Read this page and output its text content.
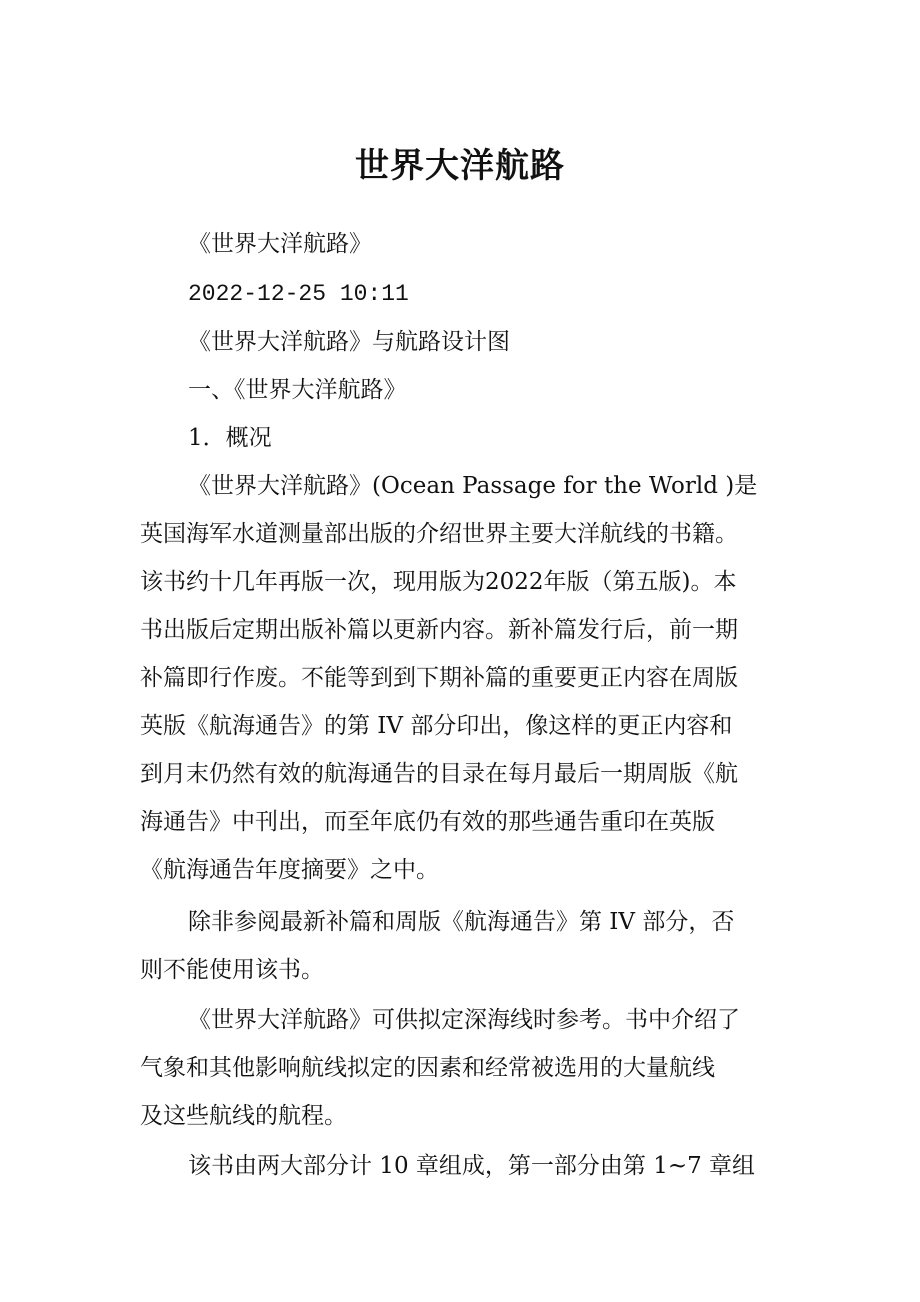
世界大洋航路
《世界大洋航路》
2022-12-25 10:11
《世界大洋航路》与航路设计图
一、《世界大洋航路》
1．概况
《世界大洋航路》(Ocean Passage for the World )是
英国海军水道测量部出版的介绍世界主要大洋航线的书籍。
该书约十几年再版一次，现用版为2022年版（第五版)。本
书出版后定期出版补篇以更新内容。新补篇发行后，前一期
补篇即行作废。不能等到到下期补篇的重要更正内容在周版
英版《航海通告》的第 IV 部分印出，像这样的更正内容和
到月末仍然有效的航海通告的目录在每月最后一期周版《航
海通告》中刊出，而至年底仍有效的那些通告重印在英版
《航海通告年度摘要》之中。
除非参阅最新补篇和周版《航海通告》第 IV 部分，否
则不能使用该书。
《世界大洋航路》可供拟定深海线时参考。书中介绍了
气象和其他影响航线拟定的因素和经常被选用的大量航线
及这些航线的航程。
该书由两大部分计 10 章组成，第一部分由第 1~7 章组
